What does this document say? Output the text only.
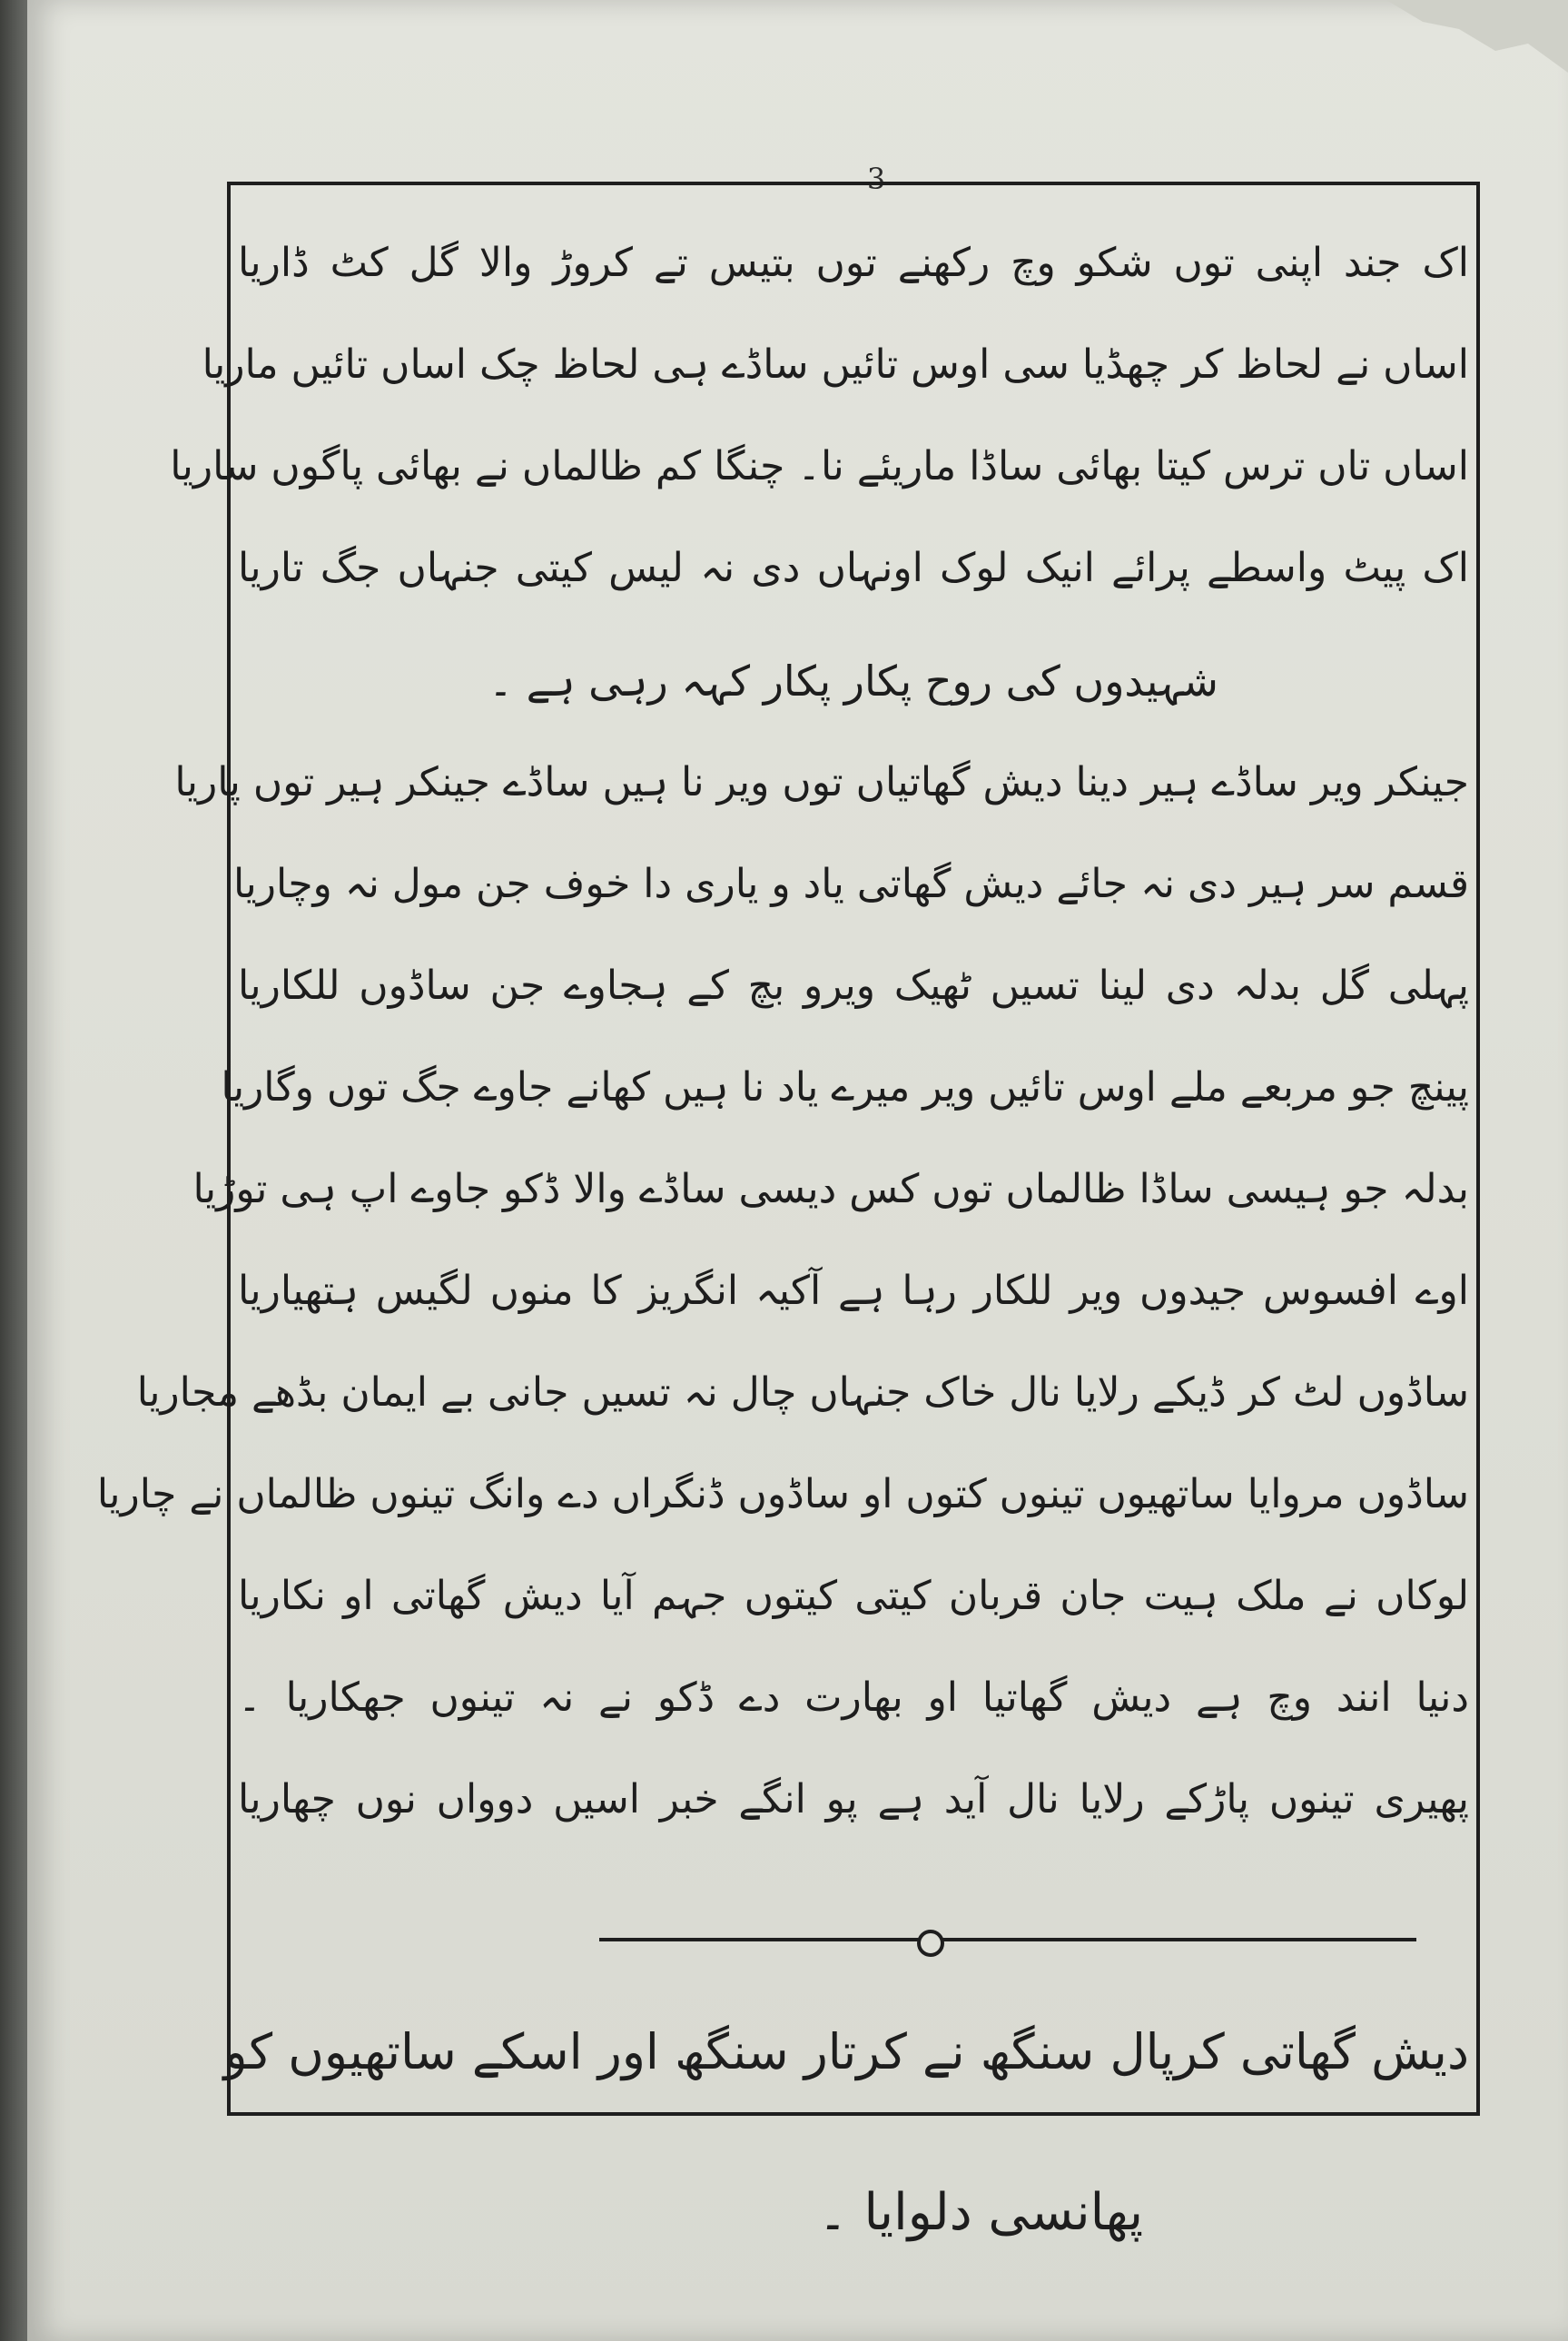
3
اک جند اپنی توں شکو وچ رکھنے توں بتیس تے کروڑ والا گل کٹ ڈاریا
اساں نے لحاظ کر چھڈیا سی اوس تائیں ساڈے ہی لحاظ چک اساں تائیں ماریا
اساں تاں ترس کیتا بھائی ساڈا ماریئے نا۔ چنگا کم ظالماں نے بھائی پاگوں ساریا
اک پیٹ واسطے پرائے انیک لوک اونہاں دی نہ لیس کیتی جنہاں جگ تاریا
شہیدوں کی روح پکار پکار کہہ رہی ہے ۔
جینکر ویر ساڈے ہیر دینا دیش گھاتیاں توں ویر نا ہیں ساڈے جینکر ہیر توں پاریا
قسم سر ہیر دی نہ جائے دیش گھاتی یاد و یاری دا خوف جن مول نہ وچاریا
پہلی گل بدلہ دی لینا تسیں ٹھیک ویرو بچ کے ہجاوے جن ساڈوں للکاریا
پینچ جو مربعے ملے اوس تائیں ویر میرے یاد نا ہیں کھانے جاوے جگ توں وگاریا
بدلہ جو ہیسی ساڈا ظالماں توں کس دیسی ساڈے والا ڈکو جاوے اپ ہی توڑیا
اوے افسوس جیدوں ویر للکار رہا ہے آکیہ انگریز کا منوں لگیس ہتھیاریا
ساڈوں لٹ کر ڈیکے رلایا نال خاک جنہاں چال نہ تسیں جانی بے ایمان بڈھے مجاریا
ساڈوں مروایا ساتھیوں تینوں کتوں او ساڈوں ڈنگراں دے وانگ تینوں ظالماں نے چاریا
لوکاں نے ملک ہیت جان قربان کیتی کیتوں جہم آیا دیش گھاتی او نکاریا
دنیا انند وچ ہے دیش گھاتیا او بھارت دے ڈکو نے نہ تینوں جھکاریا ۔
پھیری تینوں پاڑکے رلایا نال آید ہے پو انگے خبر اسیں دوواں نوں چھاریا
دیش گھاتی کرپال سنگھ نے کرتار سنگھ اور اسکے ساتھیوں کو
پھانسی دلوایا ۔
